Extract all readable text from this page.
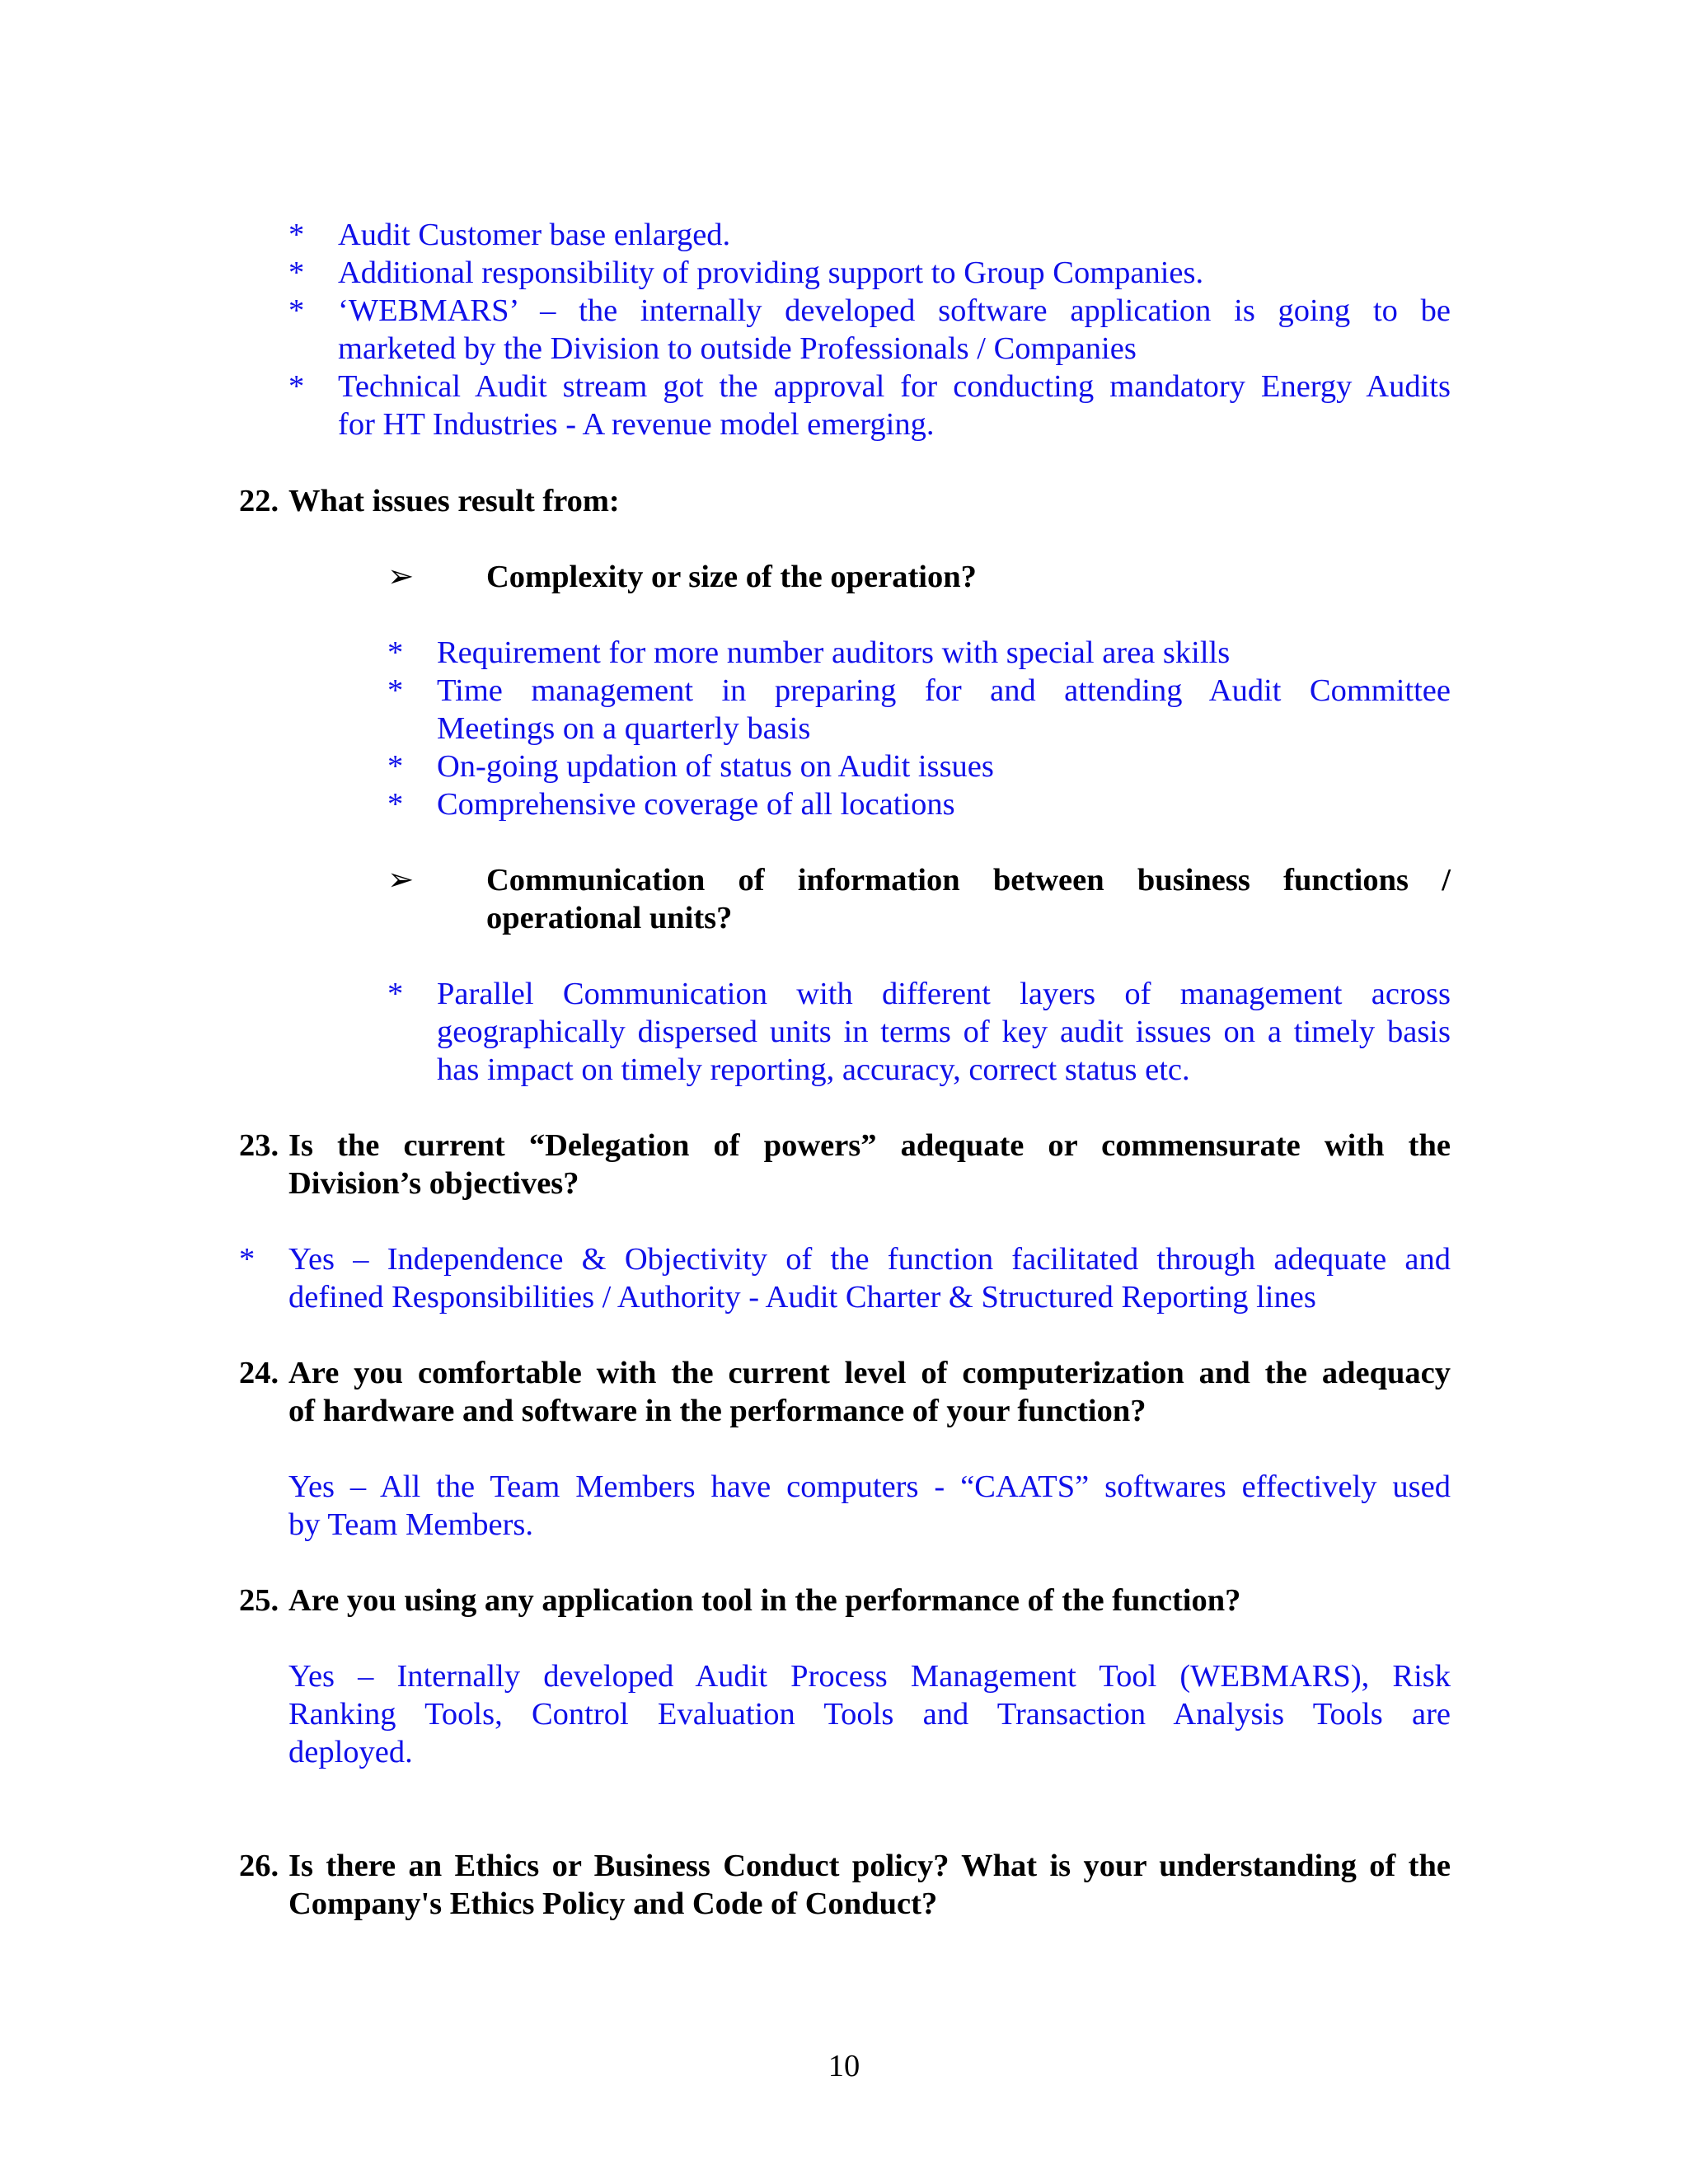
* Audit Customer base enlarged.
* Additional responsibility of providing support to Group Companies.
* ‘WEBMARS’ – the internally developed software application is going to be
marketed by the Division to outside Professionals / Companies
* Technical Audit stream got the approval for conducting mandatory Energy Audits
for HT Industries - A revenue model emerging.
22. What issues result from:
➢ Complexity or size of the operation?
* Requirement for more number auditors with special area skills
* Time management in preparing for and attending Audit Committee
Meetings on a quarterly basis
* On-going updation of status on Audit issues
* Comprehensive coverage of all locations
➢ Communication of information between business functions /
operational units?
* Parallel Communication with different layers of management across
geographically dispersed units in terms of key audit issues on a timely basis
has impact on timely reporting, accuracy, correct status etc.
23. Is the current “Delegation of powers” adequate or commensurate with the
Division’s objectives?
* Yes – Independence & Objectivity of the function facilitated through adequate and
defined Responsibilities / Authority - Audit Charter & Structured Reporting lines
24. Are you comfortable with the current level of computerization and the adequacy
of hardware and software in the performance of your function?
Yes – All the Team Members have computers - “CAATS” softwares effectively used
by Team Members.
25. Are you using any application tool in the performance of the function?
Yes – Internally developed Audit Process Management Tool (WEBMARS), Risk
Ranking Tools, Control Evaluation Tools and Transaction Analysis Tools are
deployed.
26. Is there an Ethics or Business Conduct policy? What is your understanding of the
Company's Ethics Policy and Code of Conduct?
10
